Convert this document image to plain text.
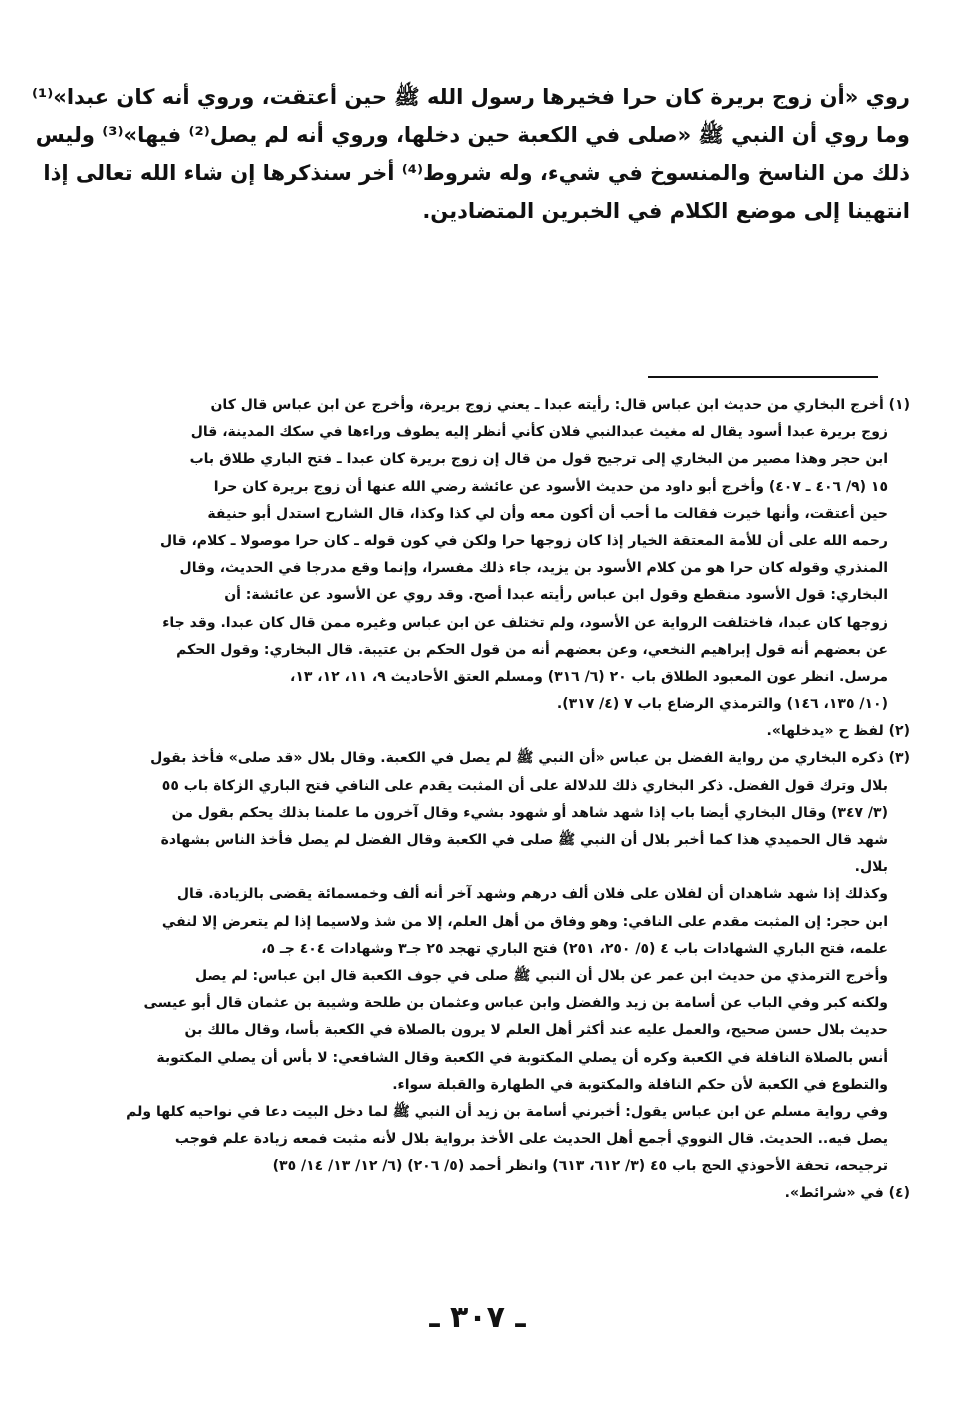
روي «أن زوج بريرة كان حرا فخيرها رسول الله ﷺ حين أعتقت، وروي أنه كان عبدا»⁽¹⁾
وما روي أن النبي ﷺ «صلى في الكعبة حين دخلها، وروي أنه لم يصل⁽²⁾ فيها»⁽³⁾ وليس
ذلك من الناسخ والمنسوخ في شيء، وله شروط⁽⁴⁾ أخر سنذكرها إن شاء الله تعالى إذا
انتهينا إلى موضع الكلام في الخبرين المتضادين.
(١) أخرج البخاري من حديث ابن عباس قال: رأيته عبدا ـ يعني زوج بريرة، وأخرج عن ابن عباس قال كان
زوج بريرة عبدا أسود يقال له مغيث عبدالنبي فلان كأني أنظر إليه يطوف وراءها في سكك المدينة، قال
ابن حجر وهذا مصير من البخاري إلى ترجيح قول من قال إن زوج بريرة كان عبدا ـ فتح الباري طلاق باب
١٥ (٩/ ٤٠٦ ـ ٤٠٧) وأخرج أبو داود من حديث الأسود عن عائشة رضي الله عنها أن زوج بريرة كان حرا
حين أعتقت، وأنها خيرت فقالت ما أحب أن أكون معه وأن لي كذا وكذا، قال الشارح استدل أبو حنيفة
رحمه الله على أن للأمة المعتقة الخيار إذا كان زوجها حرا ولكن في كون قوله ـ كان حرا موصولا ـ كلام، قال
المنذري وقوله كان حرا هو من كلام الأسود بن يزيد، جاء ذلك مفسرا، وإنما وقع مدرجا في الحديث، وقال
البخاري: قول الأسود منقطع وقول ابن عباس رأيته عبدا أصح. وقد روي عن الأسود عن عائشة: أن
زوجها كان عبدا، فاختلفت الرواية عن الأسود، ولم تختلف عن ابن عباس وغيره ممن قال كان عبدا. وقد جاء
عن بعضهم أنه قول إبراهيم النخعي، وعن بعضهم أنه من قول الحكم بن عتيبة. قال البخاري: وقول الحكم
مرسل. انظر عون المعبود الطلاق باب ٢٠ (٦/ ٣١٦) ومسلم العتق الأحاديث ٩، ١١، ١٢، ١٣،
(١٠/ ١٣٥، ١٤٦) والترمذي الرضاع باب ٧ (٤/ ٣١٧).
(٢) لفظ ح «يدخلها».
(٣) ذكره البخاري من رواية الفضل بن عباس «أن النبي ﷺ لم يصل في الكعبة. وقال بلال «قد صلى» فأخذ بقول
بلال وترك قول الفضل. ذكر البخاري ذلك للدلالة على أن المثبت يقدم على النافي فتح الباري الزكاة باب ٥٥
(٣/ ٣٤٧) وقال البخاري أيضا باب إذا شهد شاهد أو شهود بشيء وقال آخرون ما علمنا بذلك يحكم بقول من
شهد قال الحميدي هذا كما أخبر بلال أن النبي ﷺ صلى في الكعبة وقال الفضل لم يصل فأخذ الناس بشهادة
بلال.
وكذلك إذا شهد شاهدان أن لفلان على فلان ألف درهم وشهد آخر أنه ألف وخمسمائة يقضى بالزيادة. قال
ابن حجر: إن المثبت مقدم على النافي: وهو وفاق من أهل العلم، إلا من شذ ولاسيما إذا لم يتعرض إلا لنفي
علمه، فتح الباري الشهادات باب ٤ (٥/ ٢٥٠، ٢٥١) فتح الباري تهجد ٢٥ جـ٣ وشهادات ٤٠٤ جـ ٥،
وأخرج الترمذي من حديث ابن عمر عن بلال أن النبي ﷺ صلى في جوف الكعبة قال ابن عباس: لم يصل
ولكنه كبر وفي الباب عن أسامة بن زيد والفضل وابن عباس وعثمان بن طلحة وشيبة بن عثمان قال أبو عيسى
حديث بلال حسن صحيح، والعمل عليه عند أكثر أهل العلم لا يرون بالصلاة في الكعبة بأسا، وقال مالك بن
أنس بالصلاة النافلة في الكعبة وكره أن يصلي المكتوبة في الكعبة وقال الشافعي: لا بأس أن يصلي المكتوبة
والتطوع في الكعبة لأن حكم النافلة والمكتوبة في الطهارة والقبلة سواء.
وفي رواية مسلم عن ابن عباس يقول: أخبرني أسامة بن زيد أن النبي ﷺ لما دخل البيت دعا في نواحيه كلها ولم
يصل فيه.. الحديث. قال النووي أجمع أهل الحديث على الأخذ برواية بلال لأنه مثبت فمعه زيادة علم فوجب
ترجيحه، تحفة الأحوذي الحج باب ٤٥ (٣/ ٦١٢، ٦١٣) وانظر أحمد (٥/ ٢٠٦) (٦/ ١٢/ ١٣/ ١٤/ ٣٥)
(٤) في «شرائط».
ـ ٣٠٧ ـ
